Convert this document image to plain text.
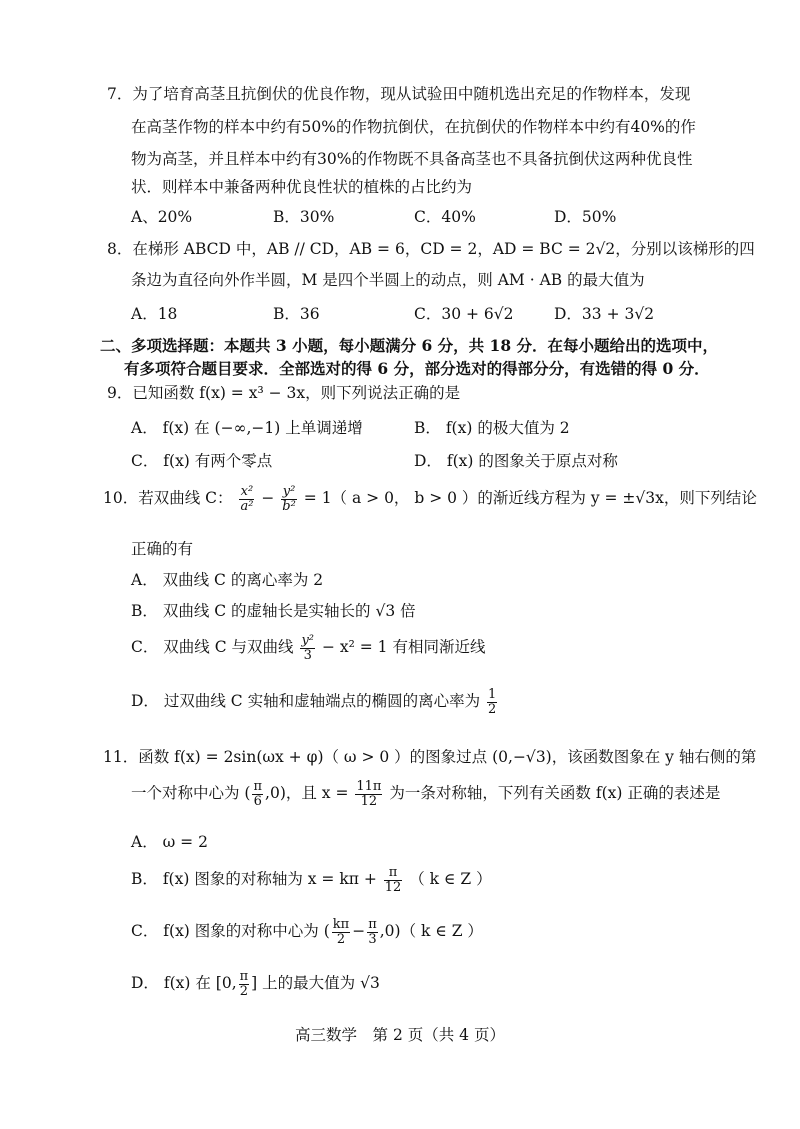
7．为了培育高茎且抗倒伏的优良作物，现从试验田中随机选出充足的作物样本，发现
在高茎作物的样本中约有50%的作物抗倒伏，在抗倒伏的作物样本中约有40%的作
物为高茎，并且样本中约有30%的作物既不具备高茎也不具备抗倒伏这两种优良性
状．则样本中兼备两种优良性状的植株的占比约为
A、20%	B．30%	C．40%	D．50%
8．在梯形 ABCD 中，AB // CD，AB = 6，CD = 2，AD = BC = 2√2，分别以该梯形的四
条边为直径向外作半圆，M 是四个半圆上的动点，则 AM · AB 的最大值为
A．18	B．36	C．30 + 6√2	D．33 + 3√2
二、多项选择题：本题共 3 小题，每小题满分 6 分，共 18 分．在每小题给出的选项中，
有多项符合题目要求．全部选对的得 6 分，部分选对的得部分分，有选错的得 0 分．
9．已知函数 f(x) = x³ − 3x，则下列说法正确的是
A． f(x) 在 (−∞,−1) 上单调递增	B． f(x) 的极大值为 2
C． f(x) 有两个零点	D． f(x) 的图象关于原点对称
10．若双曲线 C： $\frac{\text{x²}}{\text{a²}} - \frac{\text{y²}}{\text{b²}} = 1$（ a > 0， b > 0 ）的渐近线方程为 y = ±√3x，则下列结论
正确的有
A． 双曲线 C 的离心率为 2
B． 双曲线 C 的虚轴长是实轴长的 √3 倍
C． 双曲线 C 与双曲线 $\frac{\text{y²}}{3} - x^2 = 1$ 有相同渐近线
D． 过双曲线 C 实轴和虚轴端点的椭圆的离心率为 $\frac{1}{2}$
11．函数 f(x) = 2sin(ωx + φ)（ ω > 0 ）的图象过点 (0,−√3)，该函数图象在 y 轴右侧的第
一个对称中心为 ( $\frac{\pi}{6} ,0$)，且 $x = \frac{11\pi}{12}$ 为一条对称轴，下列有关函数 f(x) 正确的表述是
A． ω = 2
B． f(x) 图象的对称轴为 $x = k\pi + \frac{\pi}{12}$ （ k ∈ Z ）
C． f(x) 图象的对称中心为 ( $\frac{k\pi}{2} - \frac{\pi}{3} ,0$)（ k ∈ Z ）
D． f(x) 在 [0, $\frac{\pi}{2}$ ] 上的最大值为 √3
高三数学　第 2 页（共 4 页）
